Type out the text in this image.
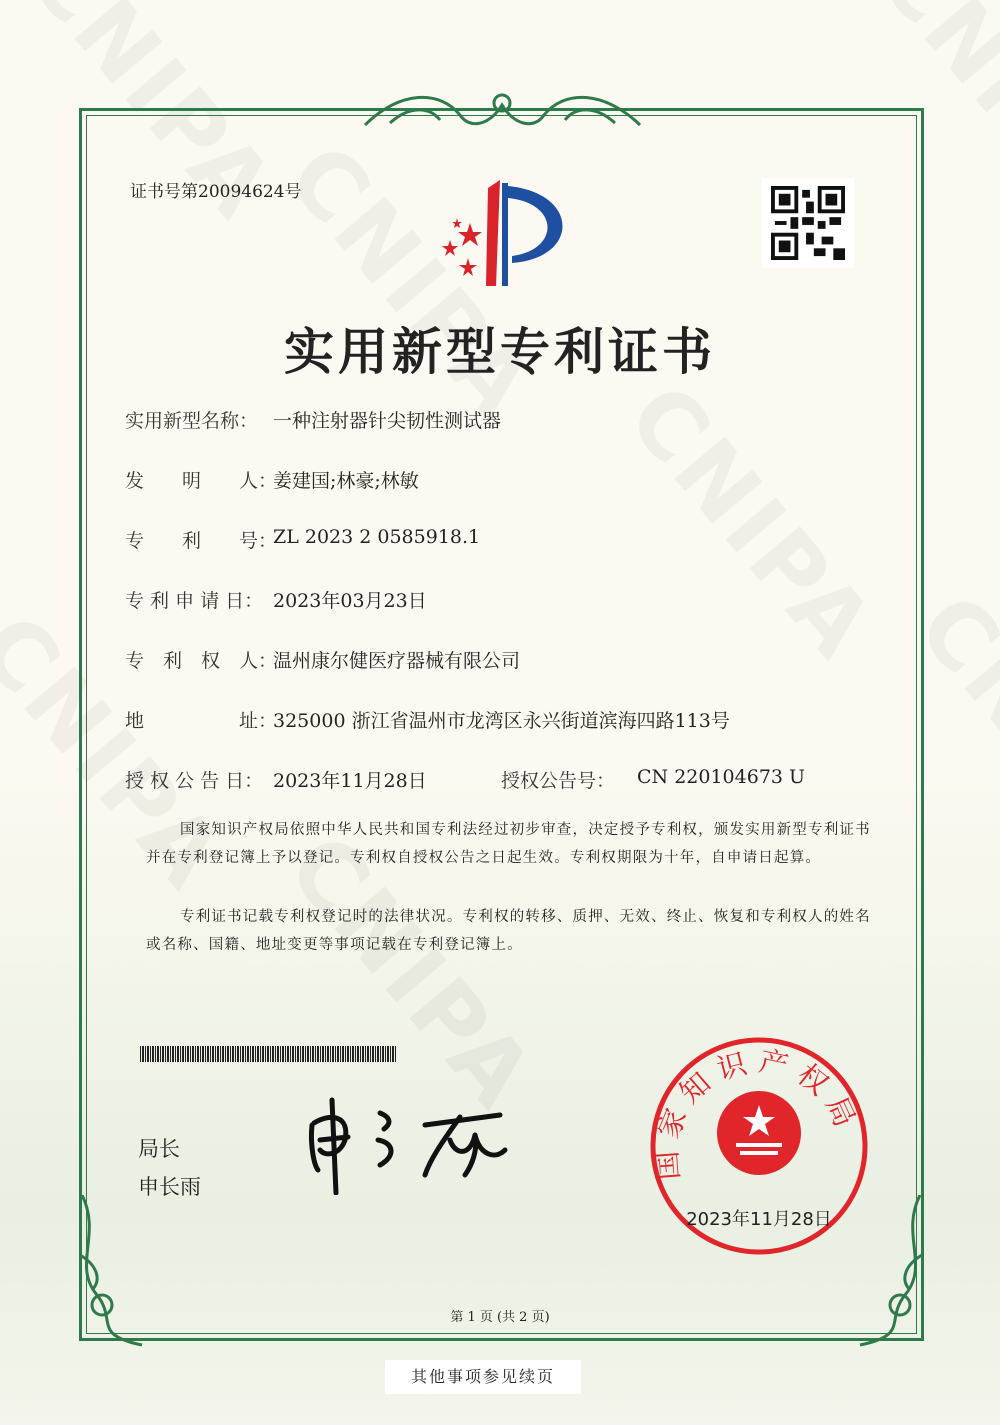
证书号第20094624号
实用新型专利证书
实用新型名称： 一种注射器针尖韧性测试器
发　　明　　人：
姜建国;林豪;林敏
专　　利　　号：
ZL 2023 2 0585918.1
专 利 申 请 日： 2023年03月23日
专　利　权　人：
温州康尔健医疗器械有限公司
地　　　　　址：
325000 浙江省温州市龙湾区永兴街道滨海四路113号
授 权 公 告 日： 2023年11月28日	授权公告号：	CN 220104673 U

国家知识产权局依照中华人民共和国专利法经过初步审查，决定授予专利权，颁发实用新型专利证书并在专利登记簿上予以登记。专利权自授权公告之日起生效。专利权期限为十年，自申请日起算。

专利证书记载专利权登记时的法律状况。专利权的转移、质押、无效、终止、恢复和专利权人的姓名或名称、国籍、地址变更等事项记载在专利登记簿上。

局长
申长雨
国家知识产权局
2023年11月28日
第 1 页 (共 2 页)
其他事项参见续页
